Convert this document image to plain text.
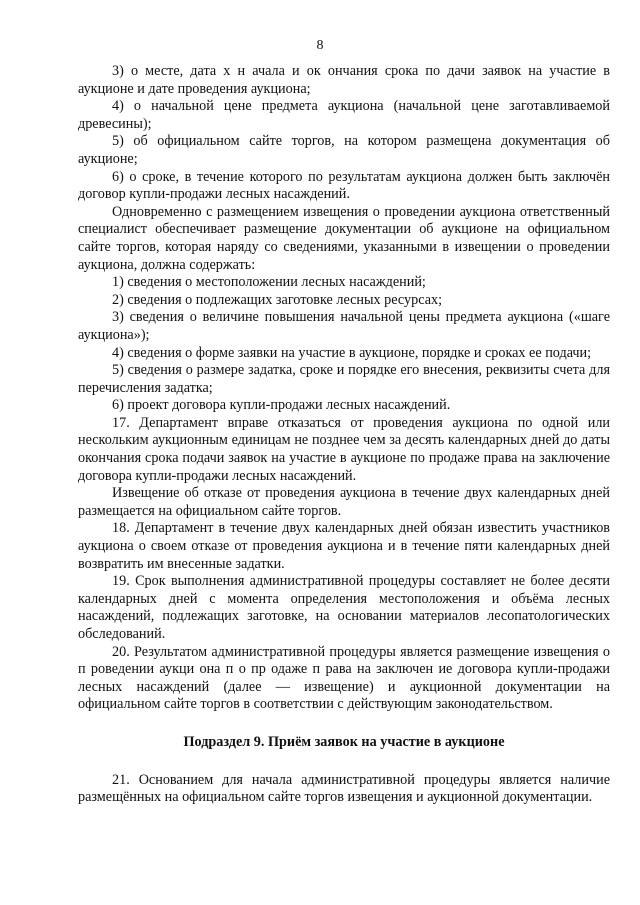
8

3) о месте, дата х н ачала и ок ончания срока по дачи заявок на участие в аукционе и дате проведения аукциона;

4) о начальной цене предмета аукциона (начальной цене заготавливаемой древесины);

5) об официальном сайте торгов, на котором размещена документация об аукционе;

6) о сроке, в течение которого по результатам аукциона должен быть заключён договор купли-продажи лесных насаждений.

Одновременно с размещением извещения о проведении аукциона ответственный специалист обеспечивает размещение документации об аукционе на официальном сайте торгов, которая наряду со сведениями, указанными в извещении о проведении аукциона, должна содержать:

1) сведения о местоположении лесных насаждений;

2) сведения о подлежащих заготовке лесных ресурсах;

3) сведения о величине повышения начальной цены предмета аукциона («шаге аукциона»);

4) сведения о форме заявки на участие в аукционе, порядке и сроках ее подачи;

5) сведения о размере задатка, сроке и порядке его внесения, реквизиты счета для перечисления задатка;

6) проект договора купли-продажи лесных насаждений.

17. Департамент вправе отказаться от проведения аукциона по одной или нескольким аукционным единицам не позднее чем за десять календарных дней до даты окончания срока подачи заявок на участие в аукционе по продаже права на заключение договора купли-продажи лесных насаждений.

Извещение об отказе от проведения аукциона в течение двух календарных дней размещается на официальном сайте торгов.

18. Департамент в течение двух календарных дней обязан известить участников аукциона о своем отказе от проведения аукциона и в течение пяти календарных дней возвратить им внесенные задатки.

19. Срок выполнения административной процедуры составляет не более десяти календарных дней с момента определения местоположения и объёма лесных насаждений, подлежащих заготовке, на основании материалов лесопатологических обследований.

20. Результатом административной процедуры является размещение извещения о п роведении аукци она п о пр одаже п рава на заключен ие договора купли-продажи лесных насаждений (далее — извещение) и аукционной документации на официальном сайте торгов в соответствии с действующим законодательством.

Подраздел 9. Приём заявок на участие в аукционе

21. Основанием для начала административной процедуры является наличие размещённых на официальном сайте торгов извещения и аукционной документации.
